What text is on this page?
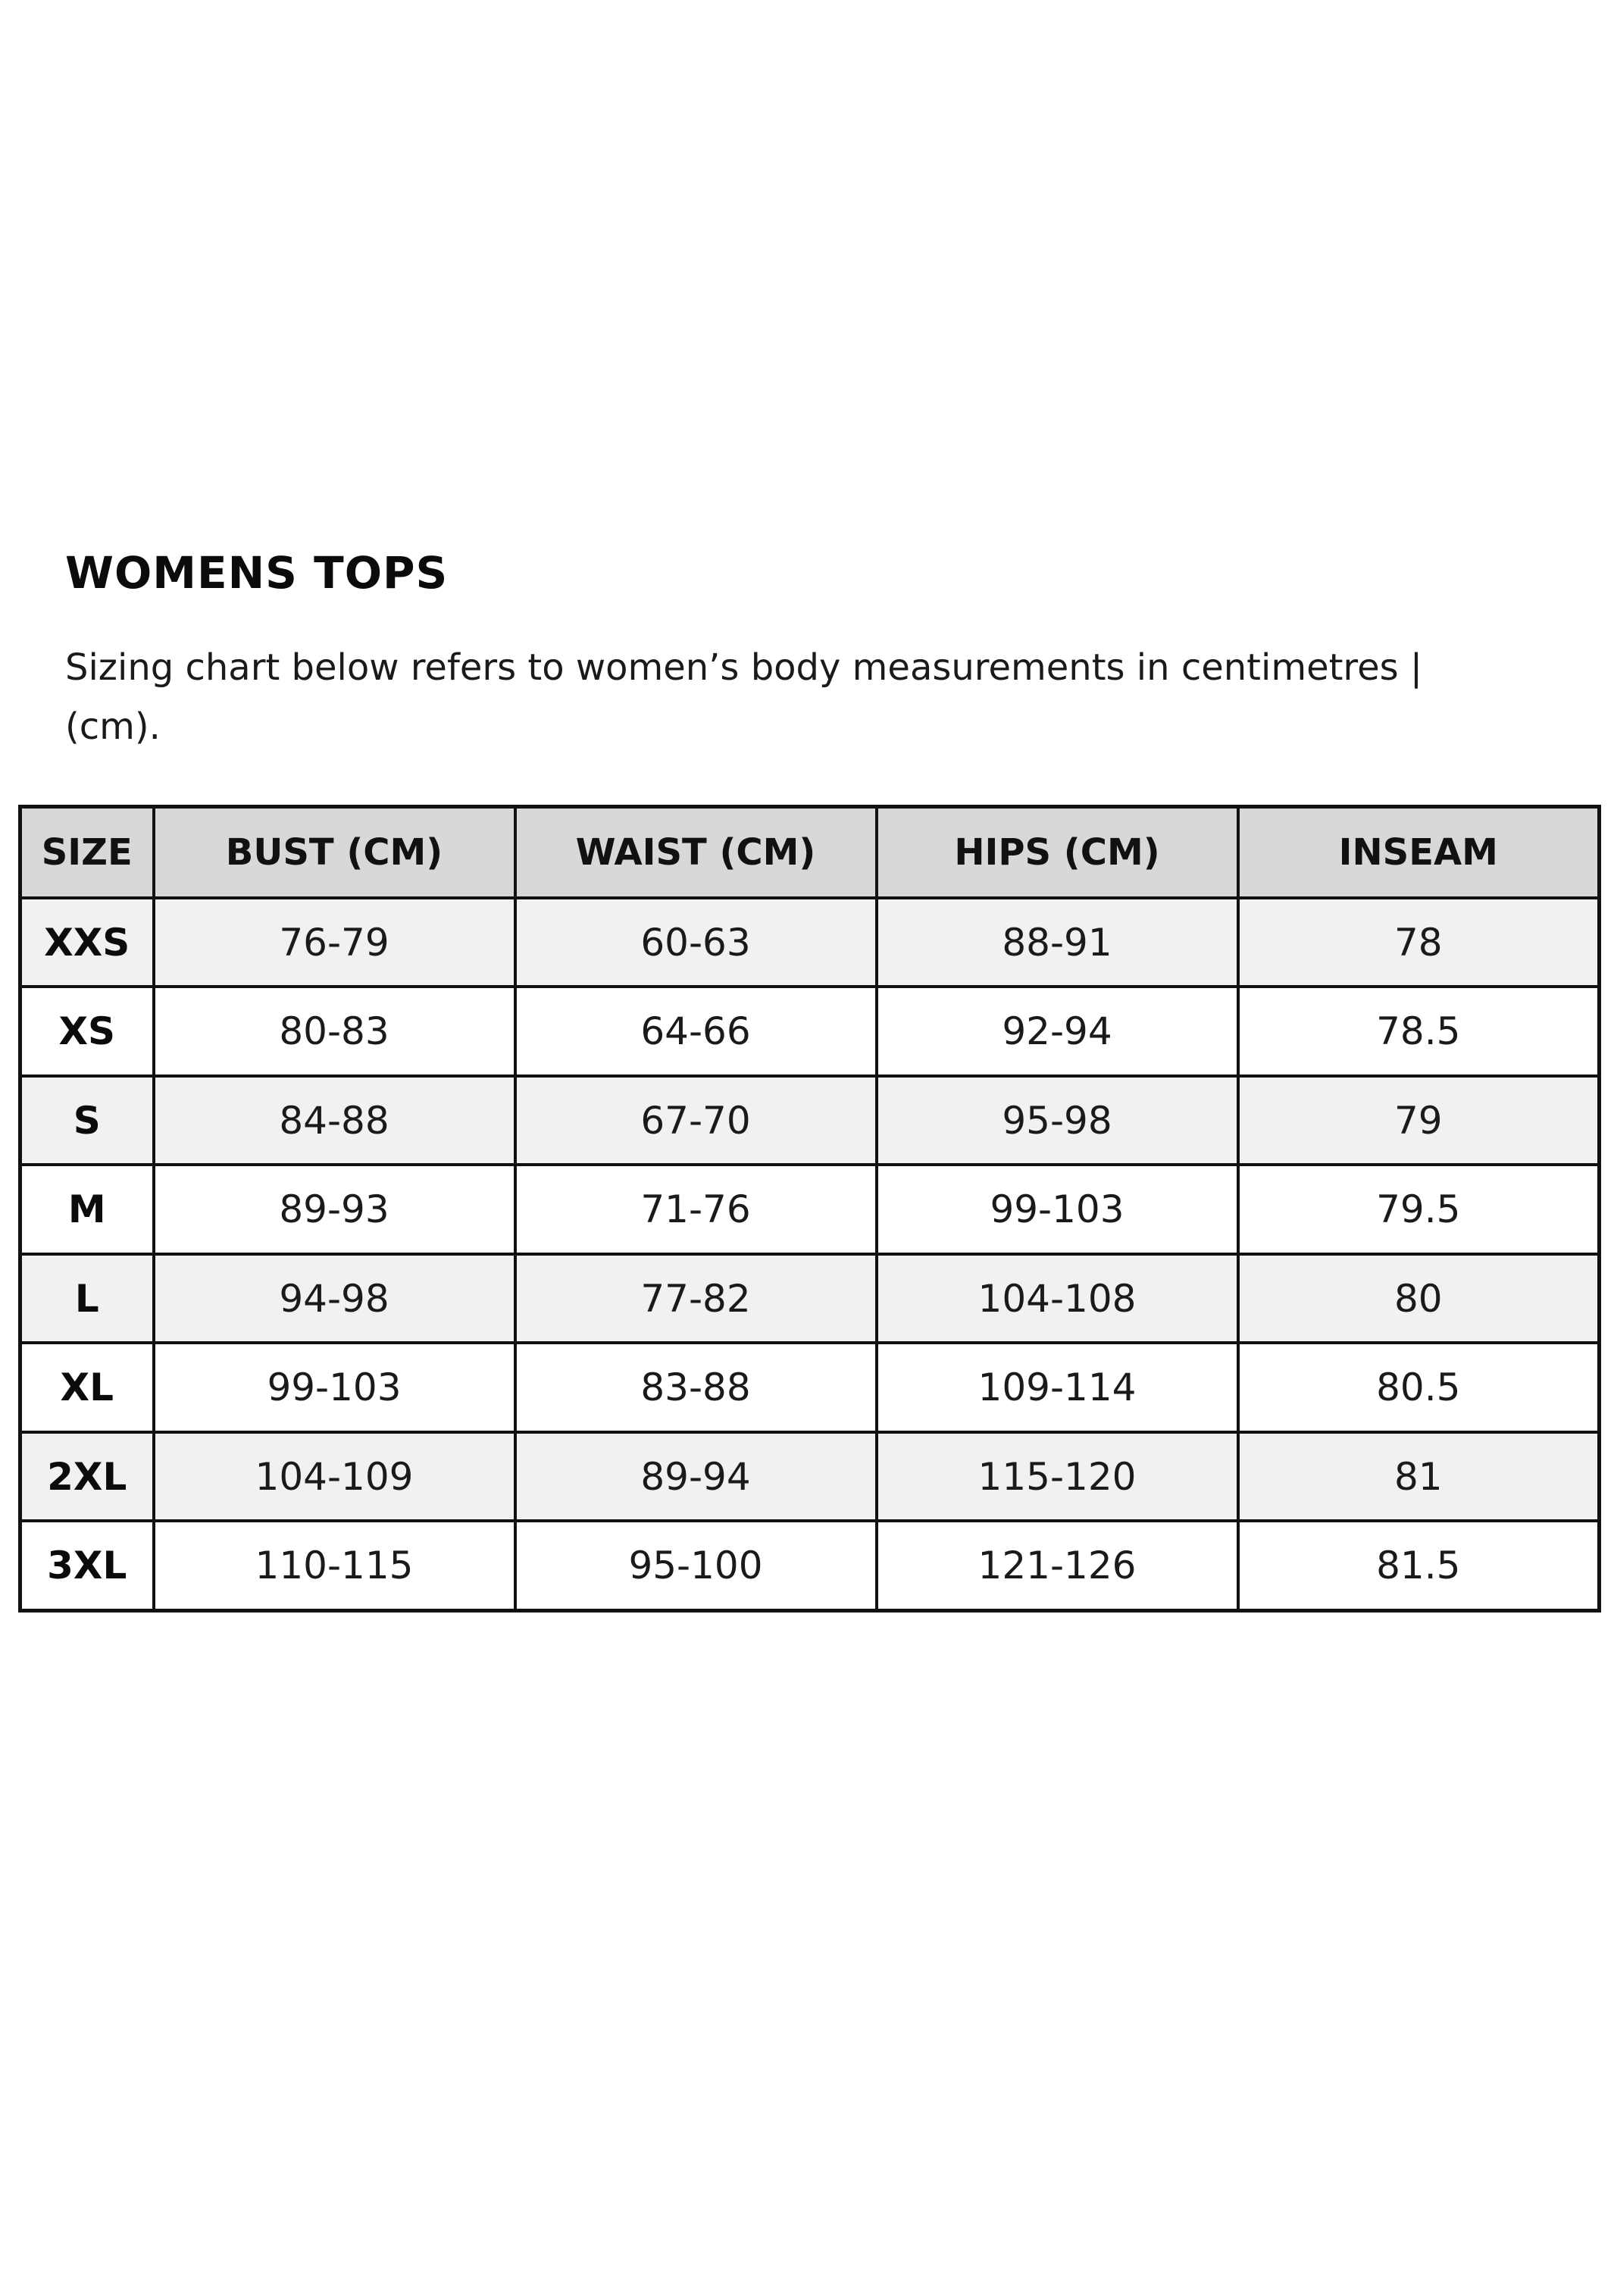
WOMENS TOPS

Sizing chart below refers to women’s body measurements in centimetres | (cm).

SIZE	BUST (CM)	WAIST (CM)	HIPS (CM)	INSEAM
XXS	76-79	60-63	88-91	78
XS	80-83	64-66	92-94	78.5
S	84-88	67-70	95-98	79
M	89-93	71-76	99-103	79.5
L	94-98	77-82	104-108	80
XL	99-103	83-88	109-114	80.5
2XL	104-109	89-94	115-120	81
3XL	110-115	95-100	121-126	81.5
